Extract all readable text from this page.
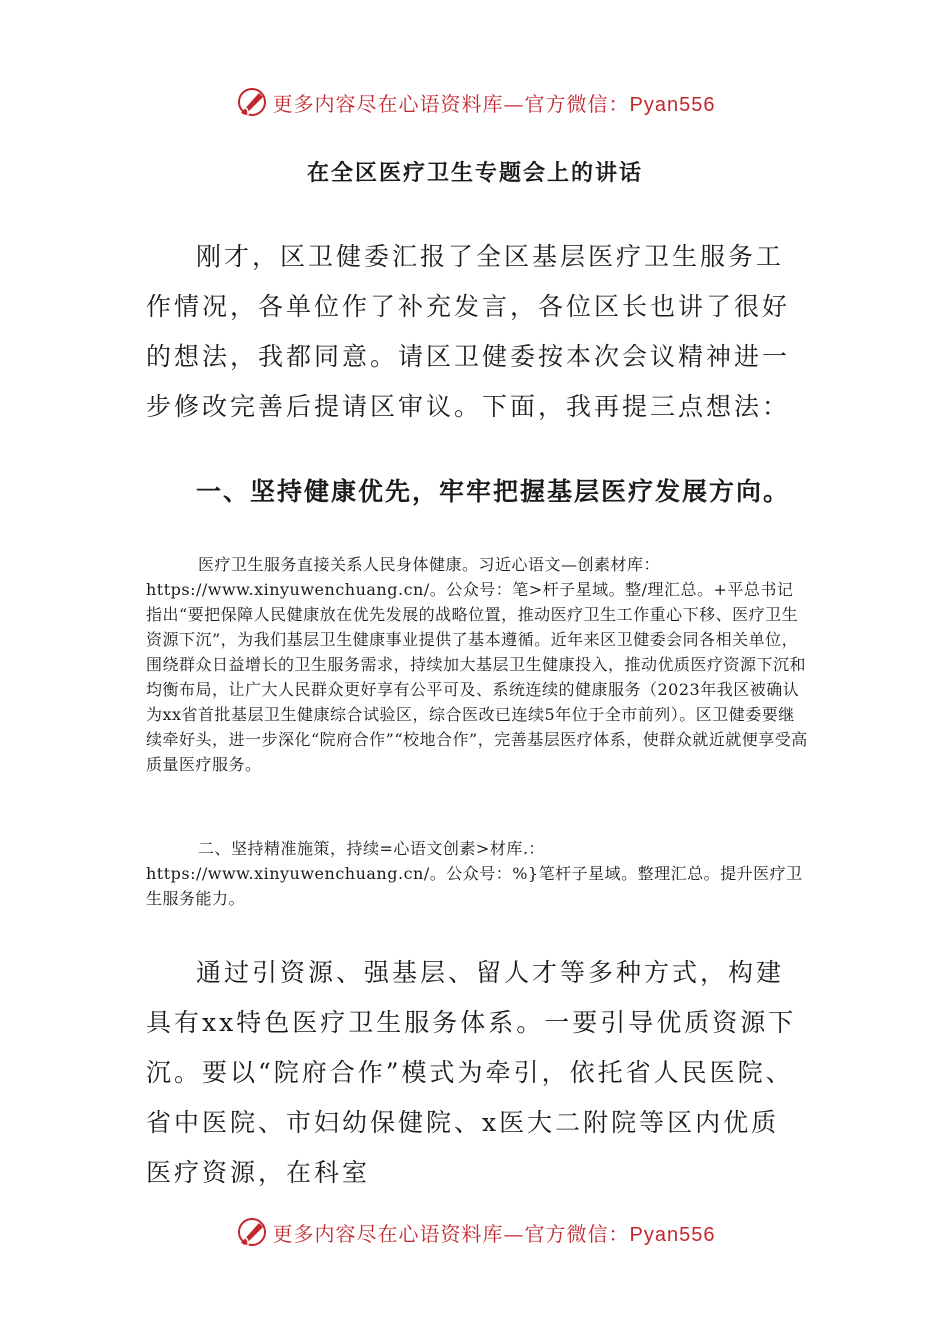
更多内容尽在心语资料库—官方微信：Pyan556
在全区医疗卫生专题会上的讲话
刚才，区卫健委汇报了全区基层医疗卫生服务工作情况，各单位作了补充发言，各位区长也讲了很好的想法，我都同意。请区卫健委按本次会议精神进一步修改完善后提请区审议。下面，我再提三点想法：
一、坚持健康优先，牢牢把握基层医疗发展方向。
医疗卫生服务直接关系人民身体健康。习近心语文—创素材库：https://www.xinyuwenchuang.cn/。公众号：笔>杆子星域。整/理汇总。+平总书记指出“要把保障人民健康放在优先发展的战略位置，推动医疗卫生工作重心下移、医疗卫生资源下沉”，为我们基层卫生健康事业提供了基本遵循。近年来区卫健委会同各相关单位，围绕群众日益增长的卫生服务需求，持续加大基层卫生健康投入，推动优质医疗资源下沉和均衡布局，让广大人民群众更好享有公平可及、系统连续的健康服务（2023年我区被确认为xx省首批基层卫生健康综合试验区，综合医改已连续5年位于全市前列）。区卫健委要继续牵好头，进一步深化“院府合作”“校地合作”，完善基层医疗体系，使群众就近就便享受高质量医疗服务。
二、坚持精准施策，持续=心语文创素>材库.：https://www.xinyuwenchuang.cn/。公众号：%}笔杆子星域。整理汇总。提升医疗卫生服务能力。
通过引资源、强基层、留人才等多种方式，构建具有xx特色医疗卫生服务体系。一要引导优质资源下沉。要以“院府合作”模式为牵引，依托省人民医院、省中医院、市妇幼保健院、x医大二附院等区内优质医疗资源，在科室
更多内容尽在心语资料库—官方微信：Pyan556
